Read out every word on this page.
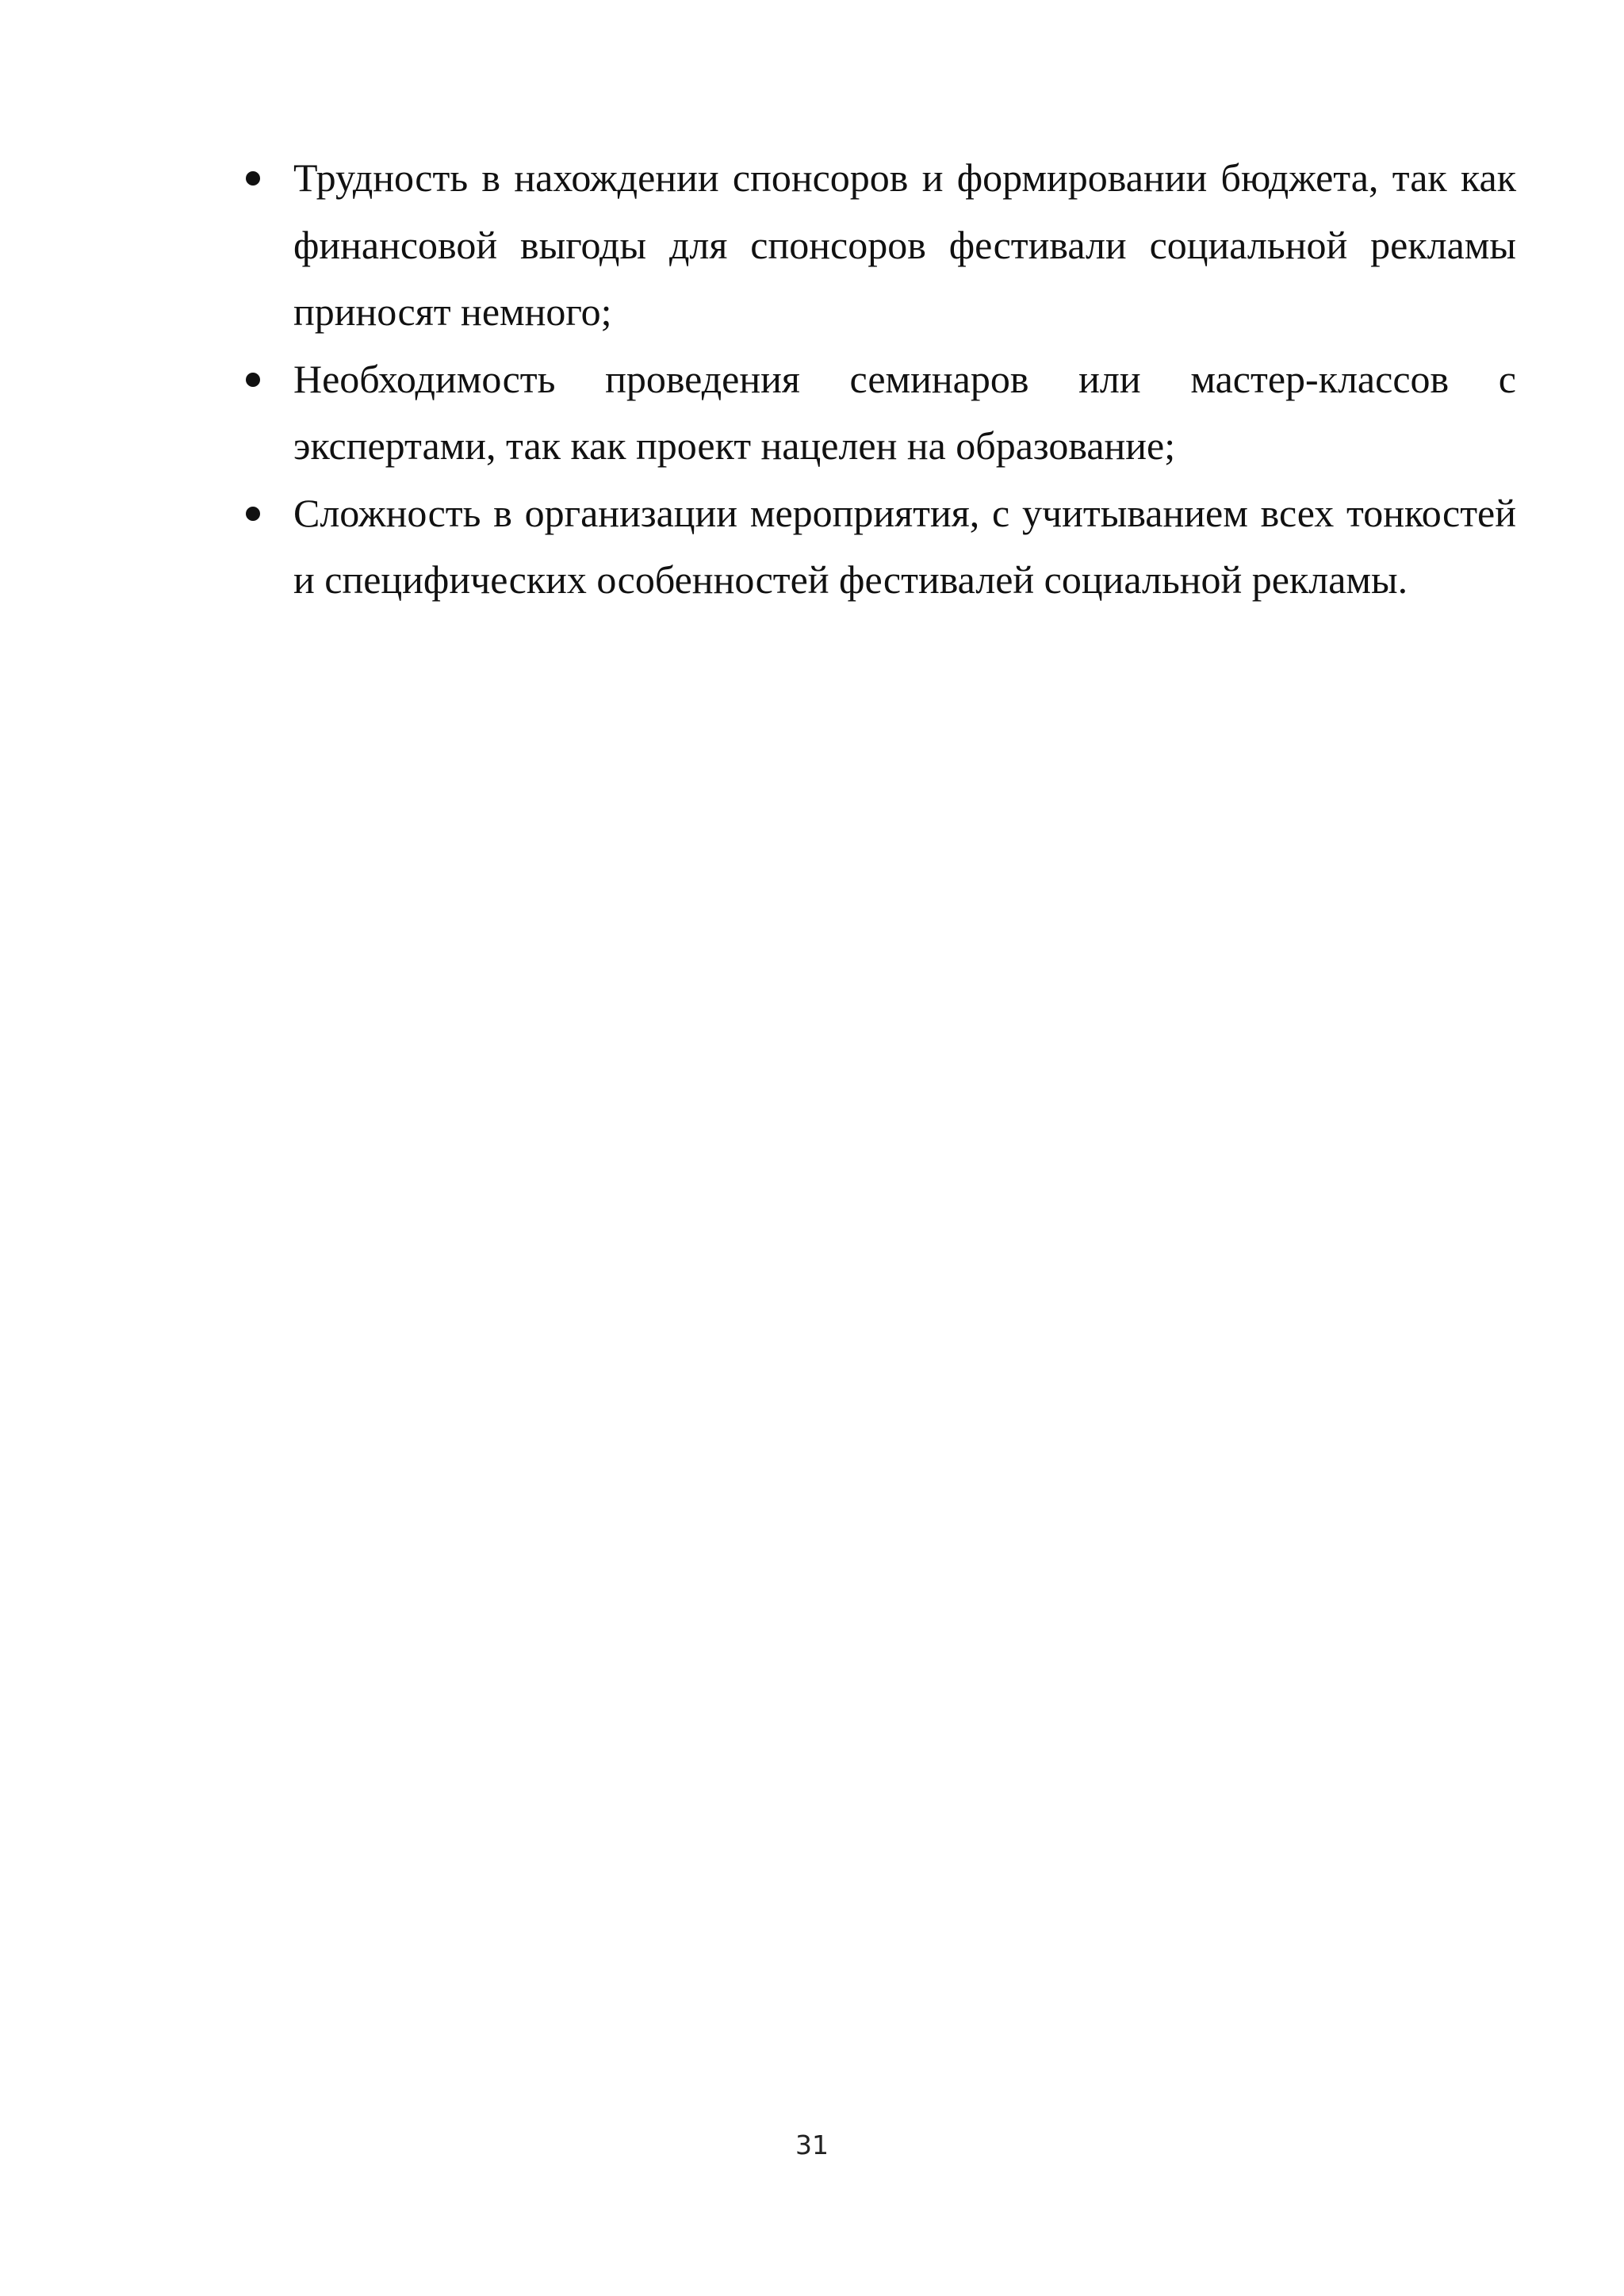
Трудность в нахождении спонсоров и формировании бюджета, так как финансовой выгоды для спонсоров фестивали социальной рекламы приносят немного;
Необходимость проведения семинаров или мастер-классов с экспертами, так как проект нацелен на образование;
Сложность в организации мероприятия, с учитыванием всех тонкостей и специфических особенностей фестивалей социальной рекламы.
31
